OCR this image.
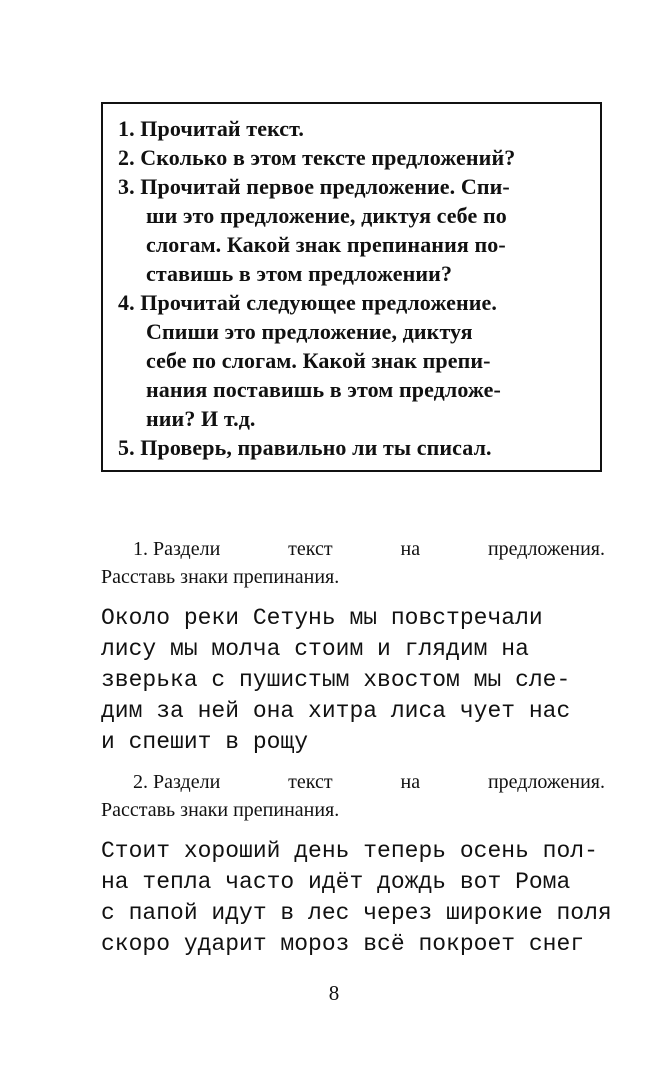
1. Прочитай текст.
2. Сколько в этом тексте предложений?
3. Прочитай первое предложение. Спи-
ши это предложение, диктуя себе по
слогам. Какой знак препинания по-
ставишь в этом предложении?
4. Прочитай следующее предложение.
Спиши это предложение, диктуя
себе по слогам. Какой знак препи-
нания поставишь в этом предложе-
нии? И т.д.
5. Проверь, правильно ли ты списал.
1. Раздели	текст	на	предложения.
Расставь знаки препинания.
Около реки Сетунь мы повстречали
лису мы молча стоим и глядим на
зверька с пушистым хвостом мы сле-
дим за ней она хитра лиса чует нас
и спешит в рощу
2. Раздели	текст	на	предложения.
Расставь знаки препинания.
Стоит хороший день теперь осень пол-
на тепла часто идёт дождь вот Рома
с папой идут в лес через широкие поля
скоро ударит мороз всё покроет снег
8
